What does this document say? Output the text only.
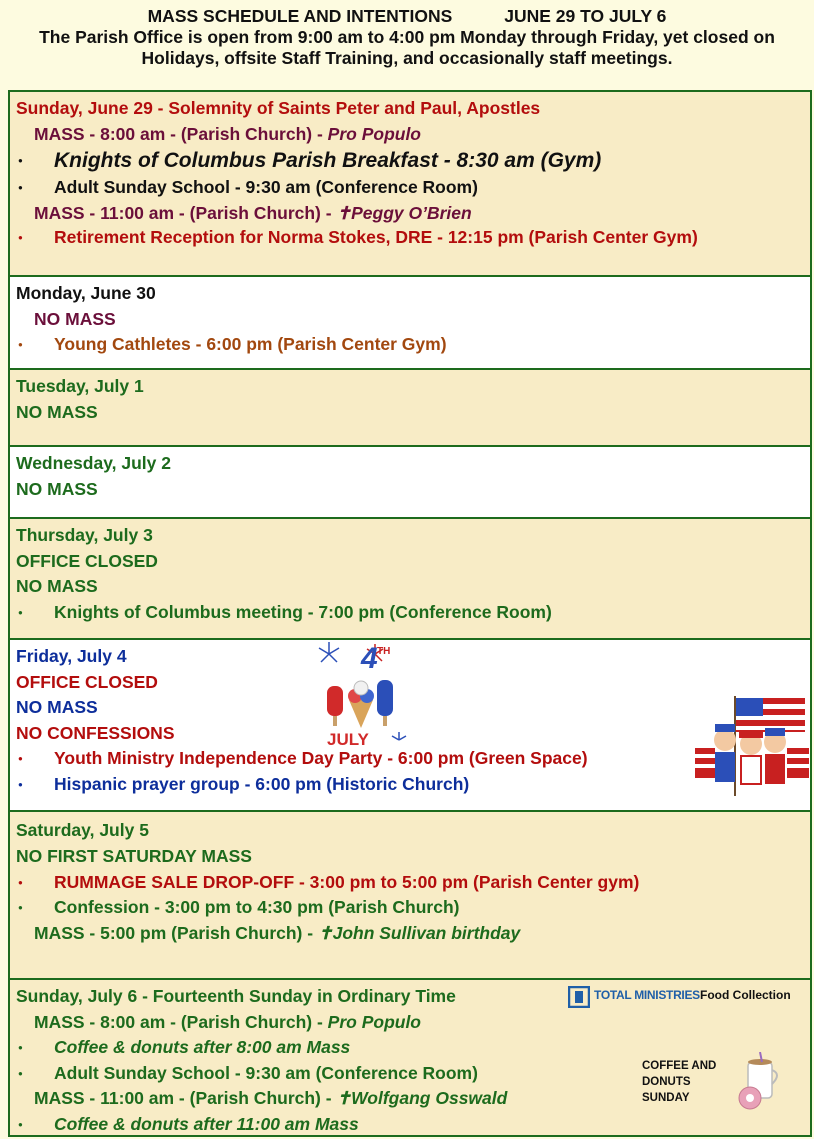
MASS SCHEDULE AND INTENTIONS	JUNE 29 TO JULY 6
The Parish Office is open from 9:00 am to 4:00 pm Monday through Friday, yet closed on Holidays, offsite Staff Training, and occasionally staff meetings.
Sunday, June 29 - Solemnity of Saints Peter and Paul, Apostles
MASS - 8:00 am - (Parish Church) - Pro Populo
● Knights of Columbus Parish Breakfast - 8:30 am (Gym)
● Adult Sunday School - 9:30 am (Conference Room)
MASS - 11:00 am - (Parish Church) - ✝Peggy O’Brien
● Retirement Reception for Norma Stokes, DRE - 12:15 pm (Parish Center Gym)
Monday, June 30
NO MASS
● Young Cathletes - 6:00 pm (Parish Center Gym)
Tuesday, July 1
NO MASS
Wednesday, July 2
NO MASS
Thursday, July 3
OFFICE CLOSED
NO MASS
● Knights of Columbus meeting - 7:00 pm (Conference Room)
Friday, July 4
OFFICE CLOSED
NO MASS
NO CONFESSIONS
● Youth Ministry Independence Day Party - 6:00 pm (Green Space)
● Hispanic prayer group - 6:00 pm (Historic Church)
4 TH
JULY
Saturday, July 5
NO FIRST SATURDAY MASS
● RUMMAGE SALE DROP-OFF - 3:00 pm to 5:00 pm (Parish Center gym)
● Confession - 3:00 pm to 4:30 pm (Parish Church)
MASS - 5:00 pm (Parish Church) - ✝John Sullivan birthday
Sunday, July 6 - Fourteenth Sunday in Ordinary Time
MASS - 8:00 am - (Parish Church) - Pro Populo
● Coffee & donuts after 8:00 am Mass
● Adult Sunday School - 9:30 am (Conference Room)
MASS - 11:00 am - (Parish Church) - ✝Wolfgang Osswald
● Coffee & donuts after 11:00 am Mass
TOTAL MINISTRIES Food Collection
COFFEE AND
DONUTS
SUNDAY
